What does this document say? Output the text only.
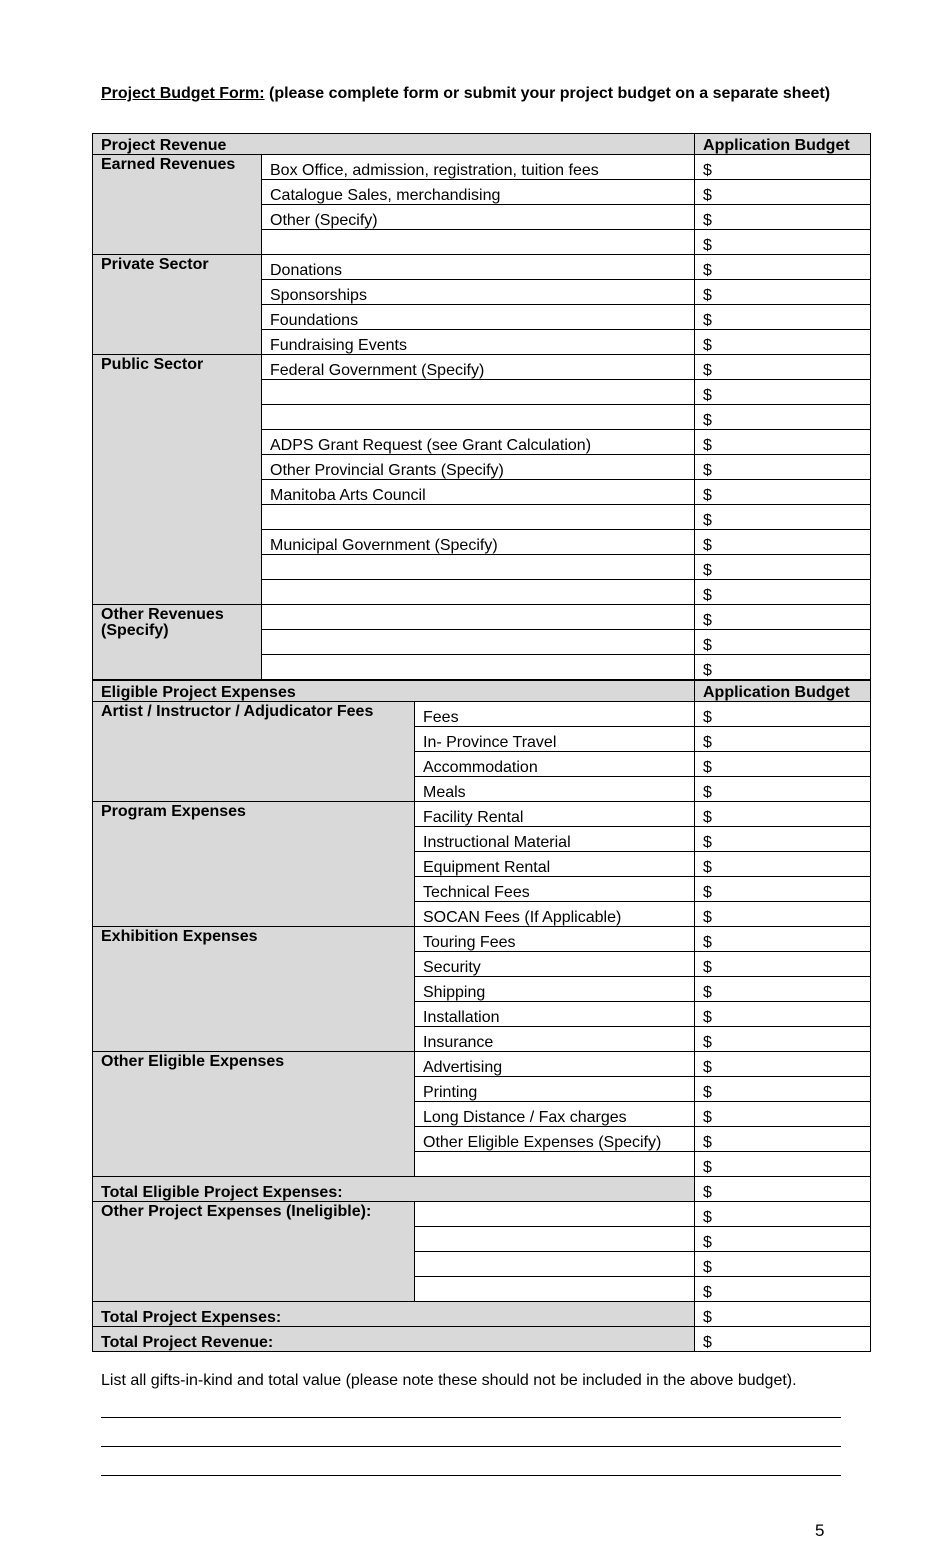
Project Budget Form: (please complete form or submit your project budget on a separate sheet)

Project Revenue		Application Budget
Earned Revenues	Box Office, admission, registration, tuition fees	$
	Catalogue Sales, merchandising	$
	Other (Specify)	$
		$
Private Sector	Donations	$
	Sponsorships	$
	Foundations	$
	Fundraising Events	$
Public Sector	Federal Government (Specify)	$
		$
		$
	ADPS Grant Request (see Grant Calculation)	$
	Other Provincial Grants (Specify)	$
	Manitoba Arts Council	$
		$
	Municipal Government (Specify)	$
		$
		$
Other Revenues (Specify)		$
		$
		$
Eligible Project Expenses		Application Budget
Artist / Instructor / Adjudicator Fees	Fees	$
	In- Province Travel	$
	Accommodation	$
	Meals	$
Program Expenses	Facility Rental	$
	Instructional Material	$
	Equipment Rental	$
	Technical Fees	$
	SOCAN Fees (If Applicable)	$
Exhibition Expenses	Touring Fees	$
	Security	$
	Shipping	$
	Installation	$
	Insurance	$
Other Eligible Expenses	Advertising	$
	Printing	$
	Long Distance / Fax charges	$
	Other Eligible Expenses (Specify)	$
		$
Total Eligible Project Expenses:		$
Other Project Expenses (Ineligible):		$
		$
		$
		$
Total Project Expenses:		$
Total Project Revenue:		$

List all gifts-in-kind and total value (please note these should not be included in the above budget).

5
